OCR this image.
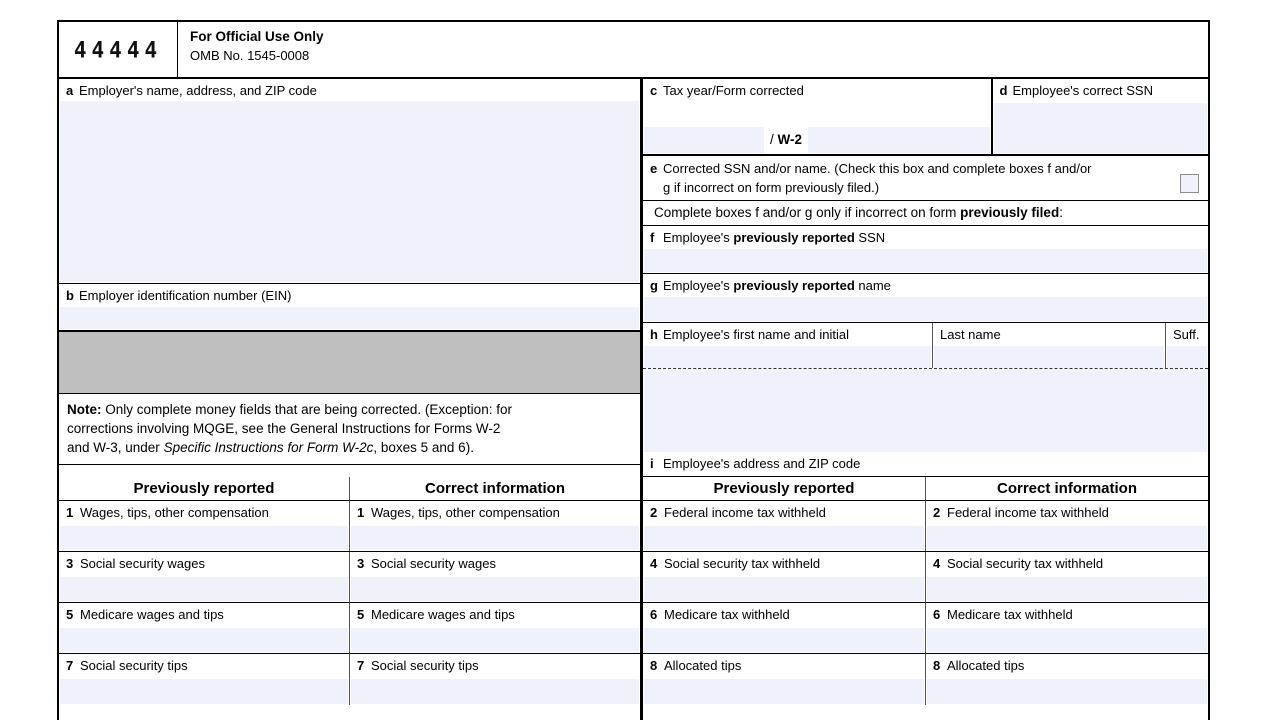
44444
For Official Use Only
OMB No. 1545-0008
a Employer's name, address, and ZIP code
b Employer identification number (EIN)
Note: Only complete money fields that are being corrected. (Exception: for
corrections involving MQGE, see the General Instructions for Forms W-2
and W-3, under Specific Instructions for Form W-2c, boxes 5 and 6).
Previously reported	Correct information
1 Wages, tips, other compensation	1 Wages, tips, other compensation
3 Social security wages	3 Social security wages
5 Medicare wages and tips	5 Medicare wages and tips
7 Social security tips	7 Social security tips
c Tax year/Form corrected
/ W-2
d Employee's correct SSN
e Corrected SSN and/or name. (Check this box and complete boxes f and/or
g if incorrect on form previously filed.)
Complete boxes f and/or g only if incorrect on form previously filed:
f Employee's previously reported SSN
g Employee's previously reported name
h Employee's first name and initial	Last name	Suff.
i Employee's address and ZIP code
Previously reported	Correct information
2 Federal income tax withheld	2 Federal income tax withheld
4 Social security tax withheld	4 Social security tax withheld
6 Medicare tax withheld	6 Medicare tax withheld
8 Allocated tips	8 Allocated tips
